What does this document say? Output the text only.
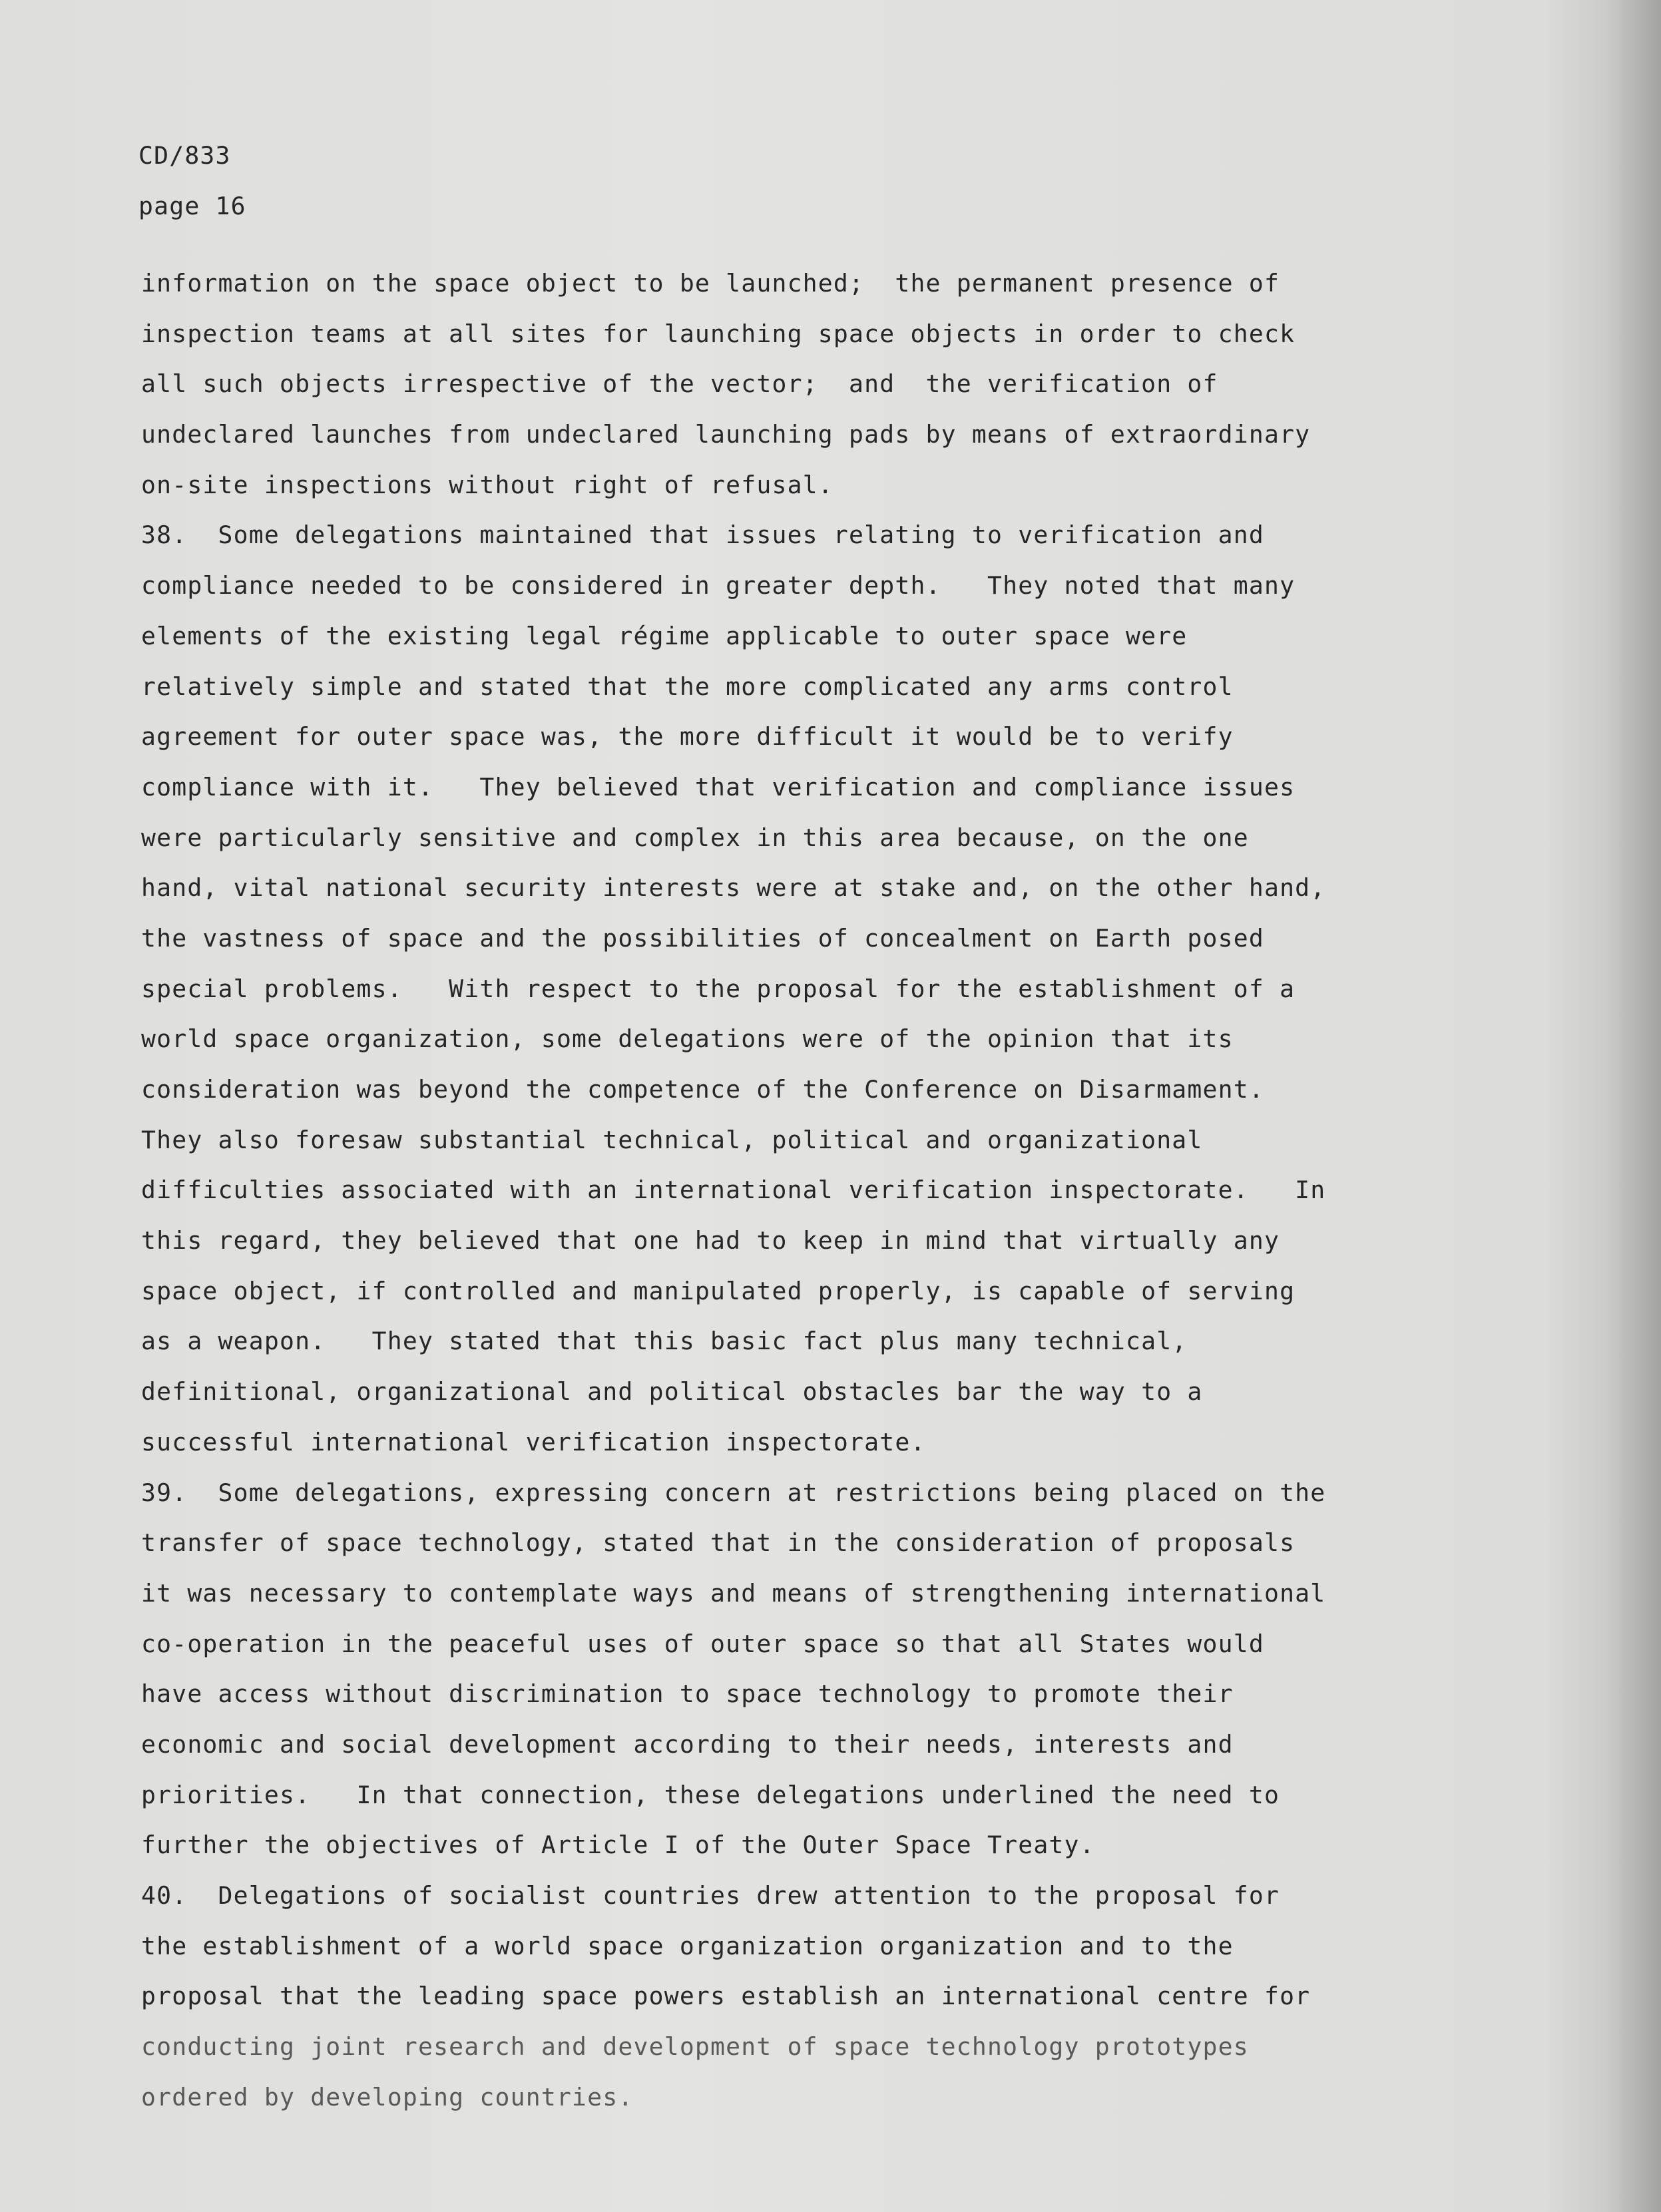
CD/833
page 16
information on the space object to be launched;  the permanent presence of
inspection teams at all sites for launching space objects in order to check
all such objects irrespective of the vector;  and  the verification of
undeclared launches from undeclared launching pads by means of extraordinary
on-site inspections without right of refusal.
38.  Some delegations maintained that issues relating to verification and
compliance needed to be considered in greater depth.   They noted that many
elements of the existing legal régime applicable to outer space were
relatively simple and stated that the more complicated any arms control
agreement for outer space was, the more difficult it would be to verify
compliance with it.   They believed that verification and compliance issues
were particularly sensitive and complex in this area because, on the one
hand, vital national security interests were at stake and, on the other hand,
the vastness of space and the possibilities of concealment on Earth posed
special problems.   With respect to the proposal for the establishment of a
world space organization, some delegations were of the opinion that its
consideration was beyond the competence of the Conference on Disarmament.
They also foresaw substantial technical, political and organizational
difficulties associated with an international verification inspectorate.   In
this regard, they believed that one had to keep in mind that virtually any
space object, if controlled and manipulated properly, is capable of serving
as a weapon.   They stated that this basic fact plus many technical,
definitional, organizational and political obstacles bar the way to a
successful international verification inspectorate.
39.  Some delegations, expressing concern at restrictions being placed on the
transfer of space technology, stated that in the consideration of proposals
it was necessary to contemplate ways and means of strengthening international
co-operation in the peaceful uses of outer space so that all States would
have access without discrimination to space technology to promote their
economic and social development according to their needs, interests and
priorities.   In that connection, these delegations underlined the need to
further the objectives of Article I of the Outer Space Treaty.
40.  Delegations of socialist countries drew attention to the proposal for
the establishment of a world space organization organization and to the
proposal that the leading space powers establish an international centre for
conducting joint research and development of space technology prototypes
ordered by developing countries.
